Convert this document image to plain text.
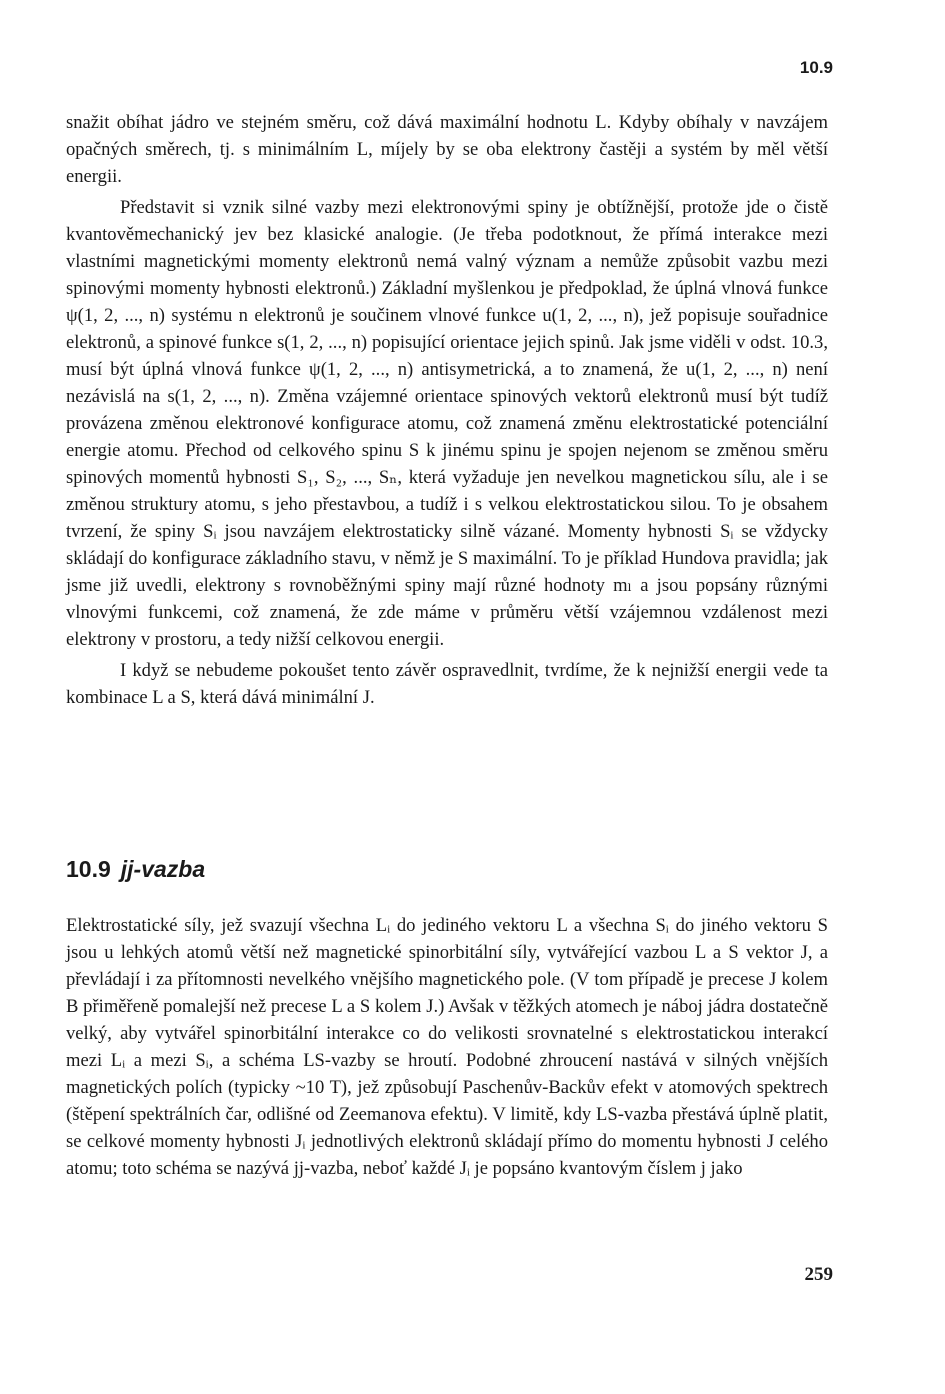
10.9

snažit obíhat jádro ve stejném směru, což dává maximální hodnotu L. Kdyby obíhaly v navzájem opačných směrech, tj. s minimálním L, míjely by se oba elektrony častěji a systém by měl větší energii.

Představit si vznik silné vazby mezi elektronovými spiny je obtížnější, protože jde o čistě kvantověmechanický jev bez klasické analogie. (Je třeba podotknout, že přímá interakce mezi vlastními magnetickými momenty elektronů nemá valný význam a nemůže způsobit vazbu mezi spinovými momenty hybnosti elektronů.) Základní myšlenkou je předpoklad, že úplná vlnová funkce ψ(1, 2, ..., n) systému n elektronů je součinem vlnové funkce u(1, 2, ..., n), jež popisuje souřadnice elektronů, a spinové funkce s(1, 2, ..., n) popisující orientace jejich spinů. Jak jsme viděli v odst. 10.3, musí být úplná vlnová funkce ψ(1, 2, ..., n) antisymetrická, a to znamená, že u(1, 2, ..., n) není nezávislá na s(1, 2, ..., n). Změna vzájemné orientace spinových vektorů elektronů musí být tudíž provázena změnou elektronové konfigurace atomu, což znamená změnu elektrostatické potenciální energie atomu. Přechod od celkového spinu S k jinému spinu je spojen nejenom se změnou směru spinových momentů hybnosti S₁, S₂, ..., Sₙ, která vyžaduje jen nevelkou magnetickou sílu, ale i se změnou struktury atomu, s jeho přestavbou, a tudíž i s velkou elektrostatickou silou. To je obsahem tvrzení, že spiny Sᵢ jsou navzájem elektrostaticky silně vázané. Momenty hybnosti Sᵢ se vždycky skládají do konfigurace základního stavu, v němž je S maximální. To je příklad Hundova pravidla; jak jsme již uvedli, elektrony s rovnoběžnými spiny mají různé hodnoty mₗ a jsou popsány různými vlnovými funkcemi, což znamená, že zde máme v průměru větší vzájemnou vzdálenost mezi elektrony v prostoru, a tedy nižší celkovou energii.

I když se nebudeme pokoušet tento závěr ospravedlnit, tvrdíme, že k nejnižší energii vede ta kombinace L a S, která dává minimální J.

10.9 jj-vazba

Elektrostatické síly, jež svazují všechna Lᵢ do jediného vektoru L a všechna Sᵢ do jiného vektoru S jsou u lehkých atomů větší než magnetické spinorbitální síly, vytvářející vazbou L a S vektor J, a převládají i za přítomnosti nevelkého vnějšího magnetického pole. (V tom případě je precese J kolem B přiměřeně pomalejší než precese L a S kolem J.) Avšak v těžkých atomech je náboj jádra dostatečně velký, aby vytvářel spinorbitální interakce co do velikosti srovnatelné s elektrostatickou interakcí mezi Lᵢ a mezi Sᵢ, a schéma LS-vazby se hroutí. Podobné zhroucení nastává v silných vnějších magnetických polích (typicky ~10 T), jež způsobují Paschenův-Backův efekt v atomových spektrech (štěpení spektrálních čar, odlišné od Zeemanova efektu). V limitě, kdy LS-vazba přestává úplně platit, se celkové momenty hybnosti Jᵢ jednotlivých elektronů skládají přímo do momentu hybnosti J celého atomu; toto schéma se nazývá jj-vazba, neboť každé Jᵢ je popsáno kvantovým číslem j jako

259
